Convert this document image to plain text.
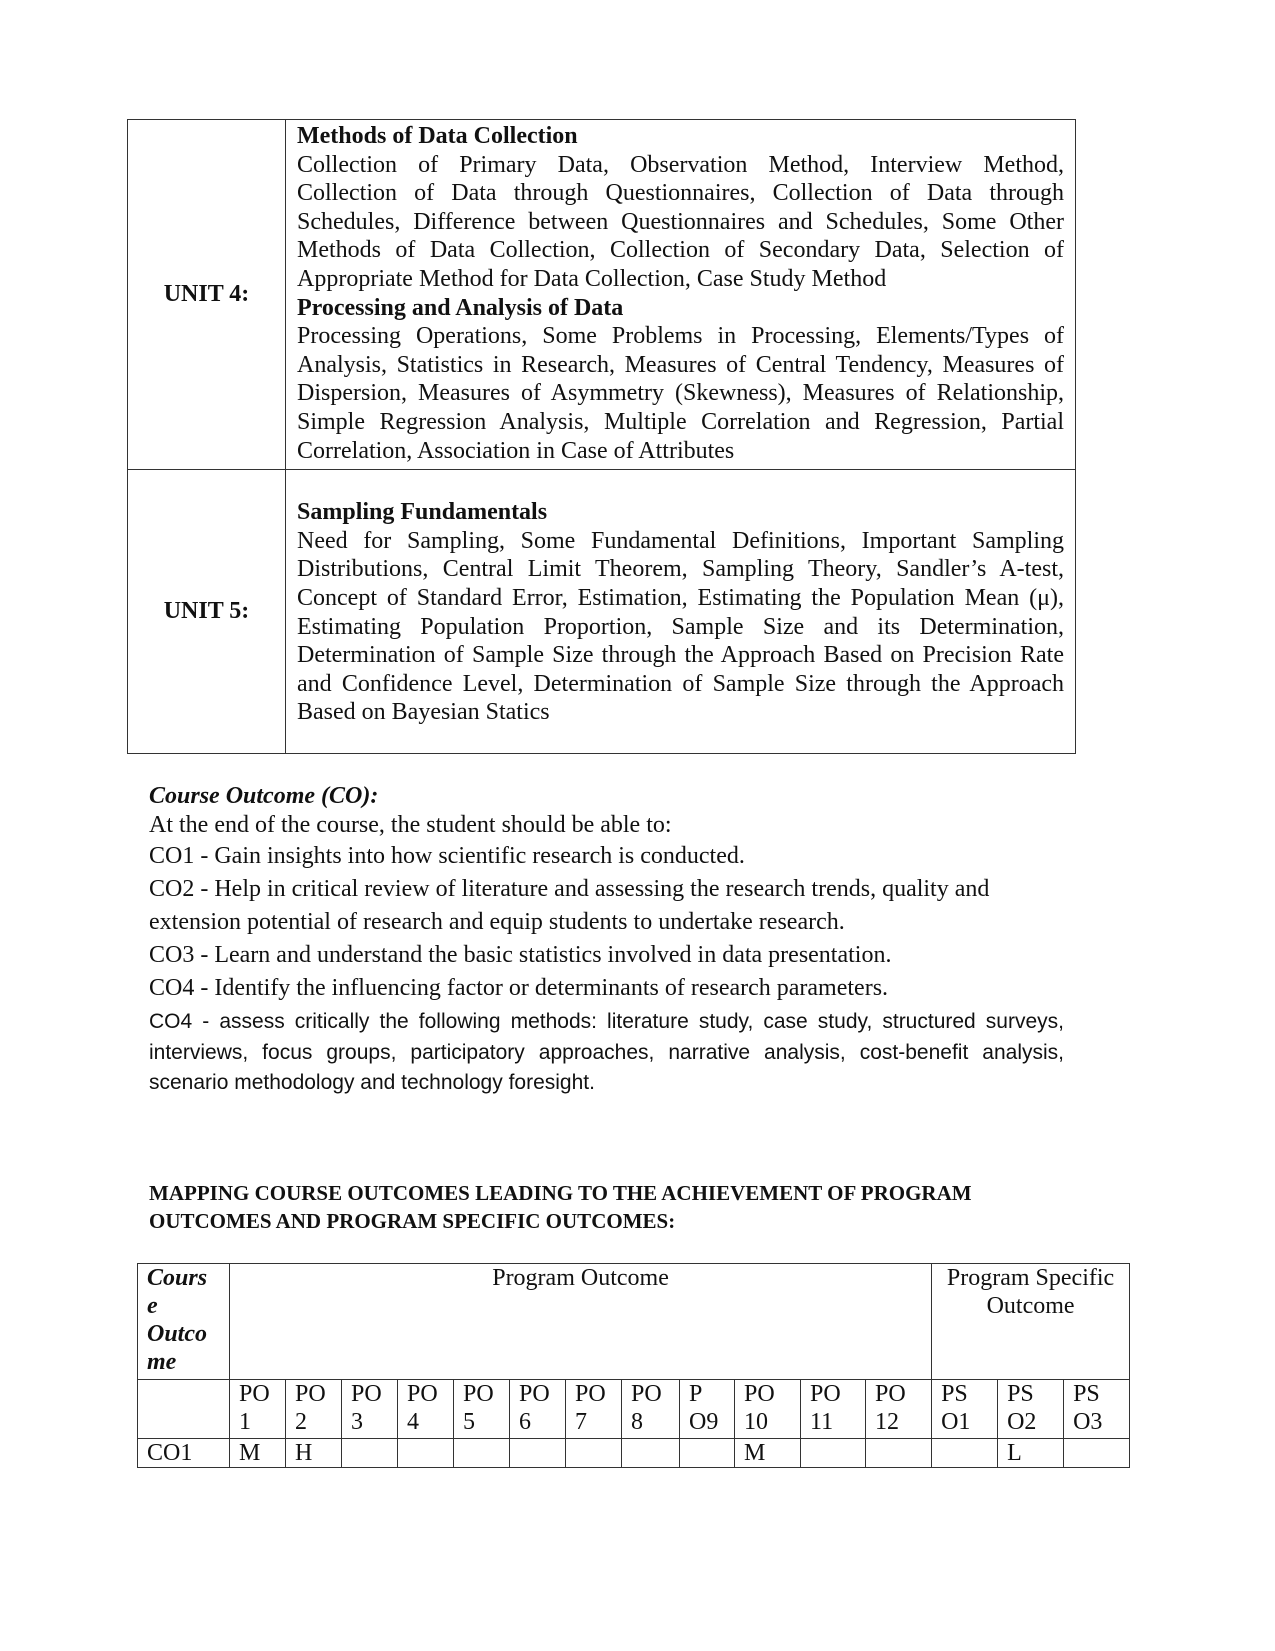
UNIT 4:	Methods of Data Collection
Collection of Primary Data, Observation Method, Interview Method, Collection of Data through Questionnaires, Collection of Data through Schedules, Difference between Questionnaires and Schedules, Some Other Methods of Data Collection, Collection of Secondary Data, Selection of Appropriate Method for Data Collection, Case Study Method
Processing and Analysis of Data
Processing Operations, Some Problems in Processing, Elements/Types of Analysis, Statistics in Research, Measures of Central Tendency, Measures of Dispersion, Measures of Asymmetry (Skewness), Measures of Relationship, Simple Regression Analysis, Multiple Correlation and Regression, Partial Correlation, Association in Case of Attributes

UNIT 5:	Sampling Fundamentals
Need for Sampling, Some Fundamental Definitions, Important Sampling Distributions, Central Limit Theorem, Sampling Theory, Sandler’s A-test, Concept of Standard Error, Estimation, Estimating the Population Mean (μ), Estimating Population Proportion, Sample Size and its Determination, Determination of Sample Size through the Approach Based on Precision Rate and Confidence Level, Determination of Sample Size through the Approach Based on Bayesian Statics
Course Outcome (CO):
At the end of the course, the student should be able to:
CO1 - Gain insights into how scientific research is conducted.
CO2 - Help in critical review of literature and assessing the research trends, quality and extension potential of research and equip students to undertake research.
CO3 - Learn and understand the basic statistics involved in data presentation.
CO4 - Identify the influencing factor or determinants of research parameters.
CO4 - assess critically the following methods: literature study, case study, structured surveys, interviews, focus groups, participatory approaches, narrative analysis, cost-benefit analysis, scenario methodology and technology foresight.
MAPPING COURSE OUTCOMES LEADING TO THE ACHIEVEMENT OF PROGRAM OUTCOMES AND PROGRAM SPECIFIC OUTCOMES:
Cours e Outco me	Program Outcome												Program Specific Outcome		
	PO 1	PO 2	PO 3	PO 4	PO 5	PO 6	PO 7	PO 8	P O9	PO 10	PO 11	PO 12	PS O1	PS O2	PS O3
CO1	M	H								M				L	
